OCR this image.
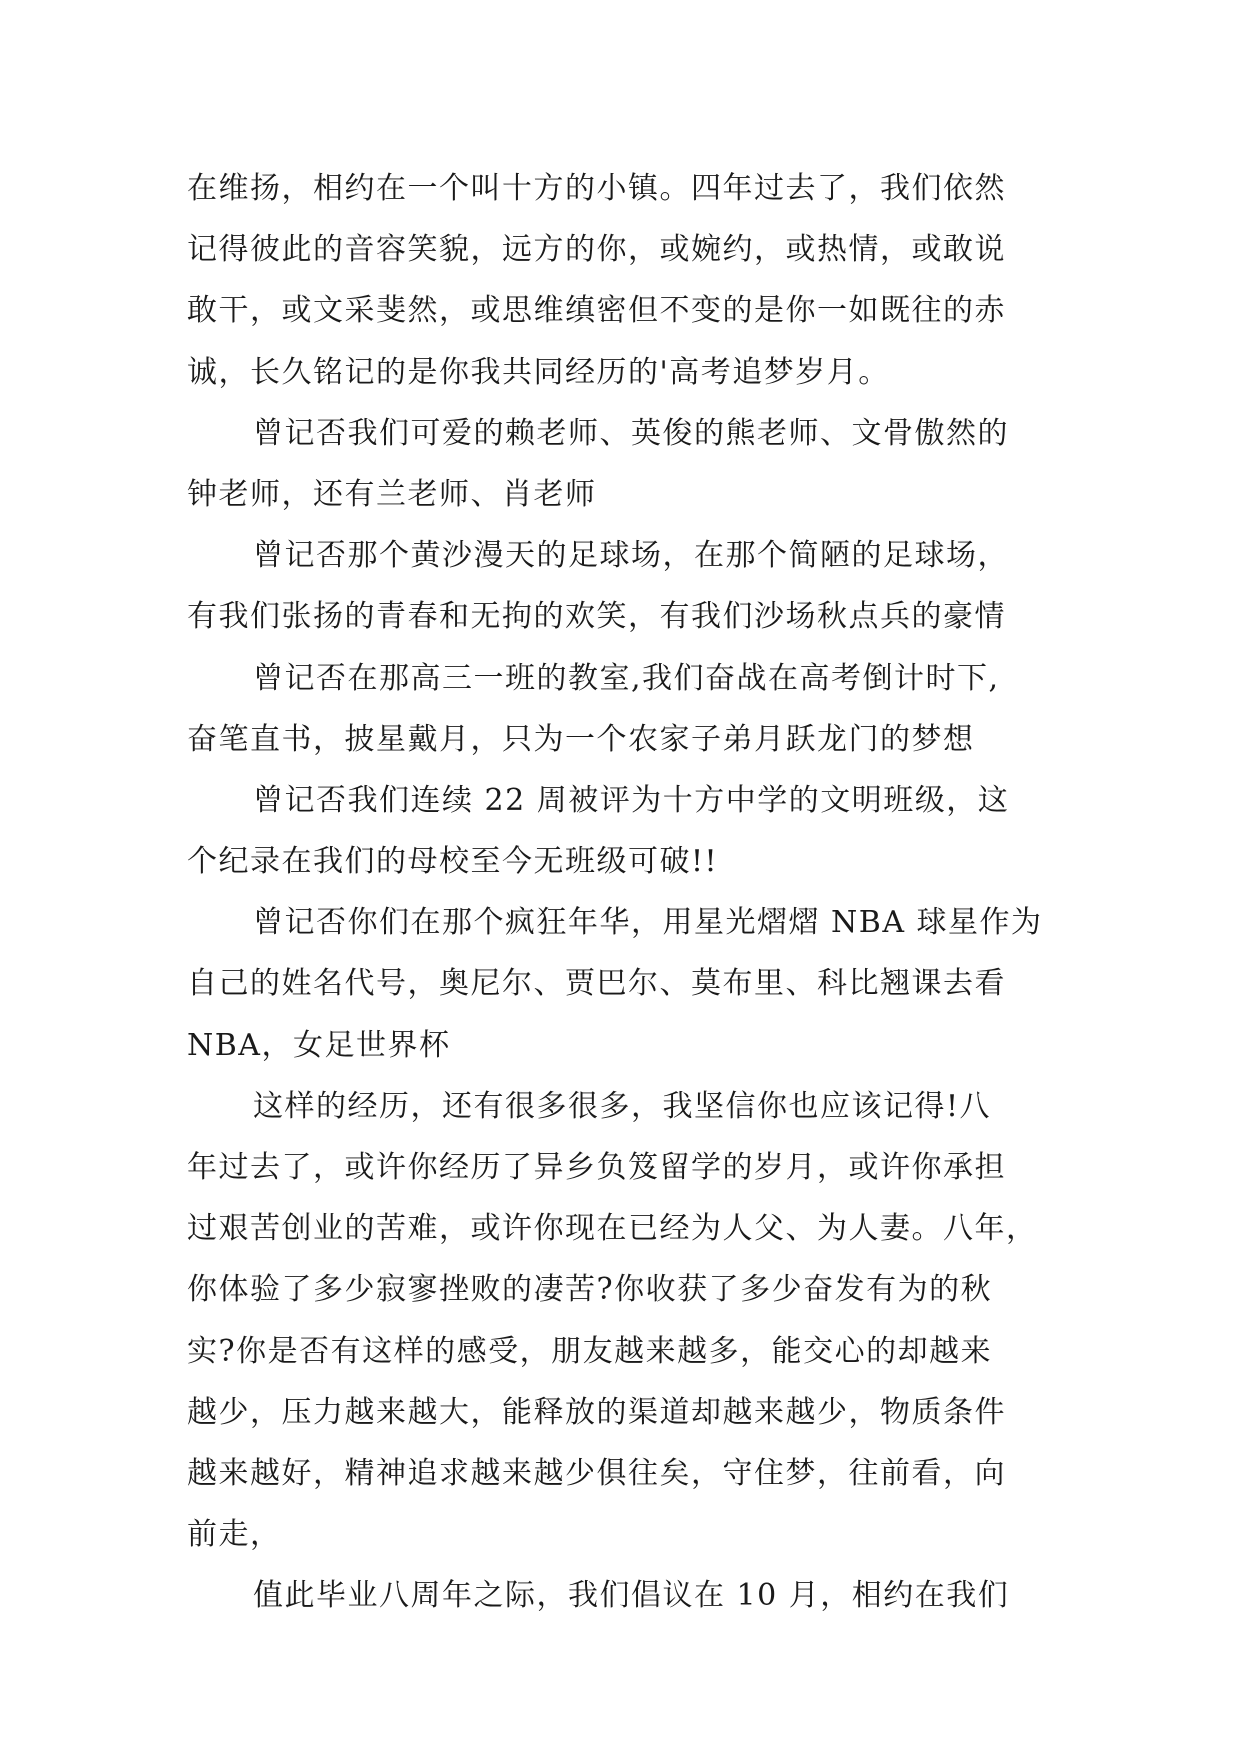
在维扬，相约在一个叫十方的小镇。四年过去了，我们依然
记得彼此的音容笑貌，远方的你，或婉约，或热情，或敢说
敢干，或文采斐然，或思维缜密但不变的是你一如既往的赤
诚，长久铭记的是你我共同经历的'高考追梦岁月。

曾记否我们可爱的赖老师、英俊的熊老师、文骨傲然的
钟老师，还有兰老师、肖老师

曾记否那个黄沙漫天的足球场，在那个简陋的足球场，
有我们张扬的青春和无拘的欢笑，有我们沙场秋点兵的豪情

曾记否在那高三一班的教室,我们奋战在高考倒计时下,
奋笔直书，披星戴月，只为一个农家子弟月跃龙门的梦想

曾记否我们连续 22 周被评为十方中学的文明班级，这
个纪录在我们的母校至今无班级可破!!

曾记否你们在那个疯狂年华，用星光熠熠 NBA 球星作为
自己的姓名代号，奥尼尔、贾巴尔、莫布里、科比翘课去看
NBA，女足世界杯

这样的经历，还有很多很多，我坚信你也应该记得!八
年过去了，或许你经历了异乡负笈留学的岁月，或许你承担
过艰苦创业的苦难，或许你现在已经为人父、为人妻。八年，
你体验了多少寂寥挫败的凄苦?你收获了多少奋发有为的秋
实?你是否有这样的感受，朋友越来越多，能交心的却越来
越少，压力越来越大，能释放的渠道却越来越少，物质条件
越来越好，精神追求越来越少俱往矣，守住梦，往前看，向
前走，

值此毕业八周年之际，我们倡议在 10 月，相约在我们
